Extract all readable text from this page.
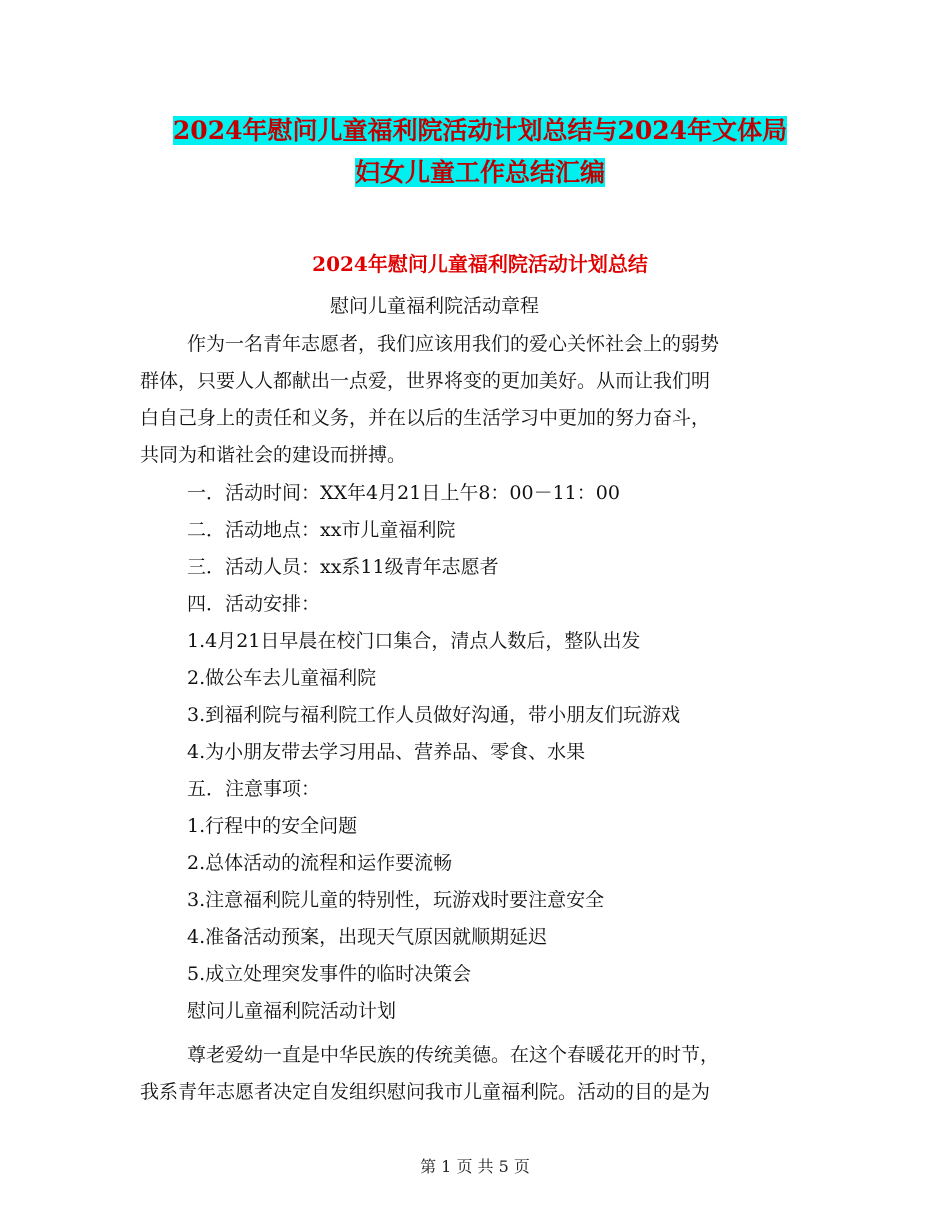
2024年慰问儿童福利院活动计划总结与2024年文体局
妇女儿童工作总结汇编
2024年慰问儿童福利院活动计划总结
慰问儿童福利院活动章程
作为一名青年志愿者，我们应该用我们的爱心关怀社会上的弱势
群体，只要人人都献出一点爱，世界将变的更加美好。从而让我们明
白自己身上的责任和义务，并在以后的生活学习中更加的努力奋斗，
共同为和谐社会的建设而拼搏。
一．活动时间：XX年4月21日上午8：00－11：00
二．活动地点：xx市儿童福利院
三．活动人员：xx系11级青年志愿者
四．活动安排：
1.4月21日早晨在校门口集合，清点人数后，整队出发
2.做公车去儿童福利院
3.到福利院与福利院工作人员做好沟通，带小朋友们玩游戏
4.为小朋友带去学习用品、营养品、零食、水果
五．注意事项：
1.行程中的安全问题
2.总体活动的流程和运作要流畅
3.注意福利院儿童的特别性，玩游戏时要注意安全
4.准备活动预案，出现天气原因就顺期延迟
5.成立处理突发事件的临时决策会
慰问儿童福利院活动计划
尊老爱幼一直是中华民族的传统美德。在这个春暖花开的时节，
我系青年志愿者决定自发组织慰问我市儿童福利院。活动的目的是为
第 1 页 共 5 页
